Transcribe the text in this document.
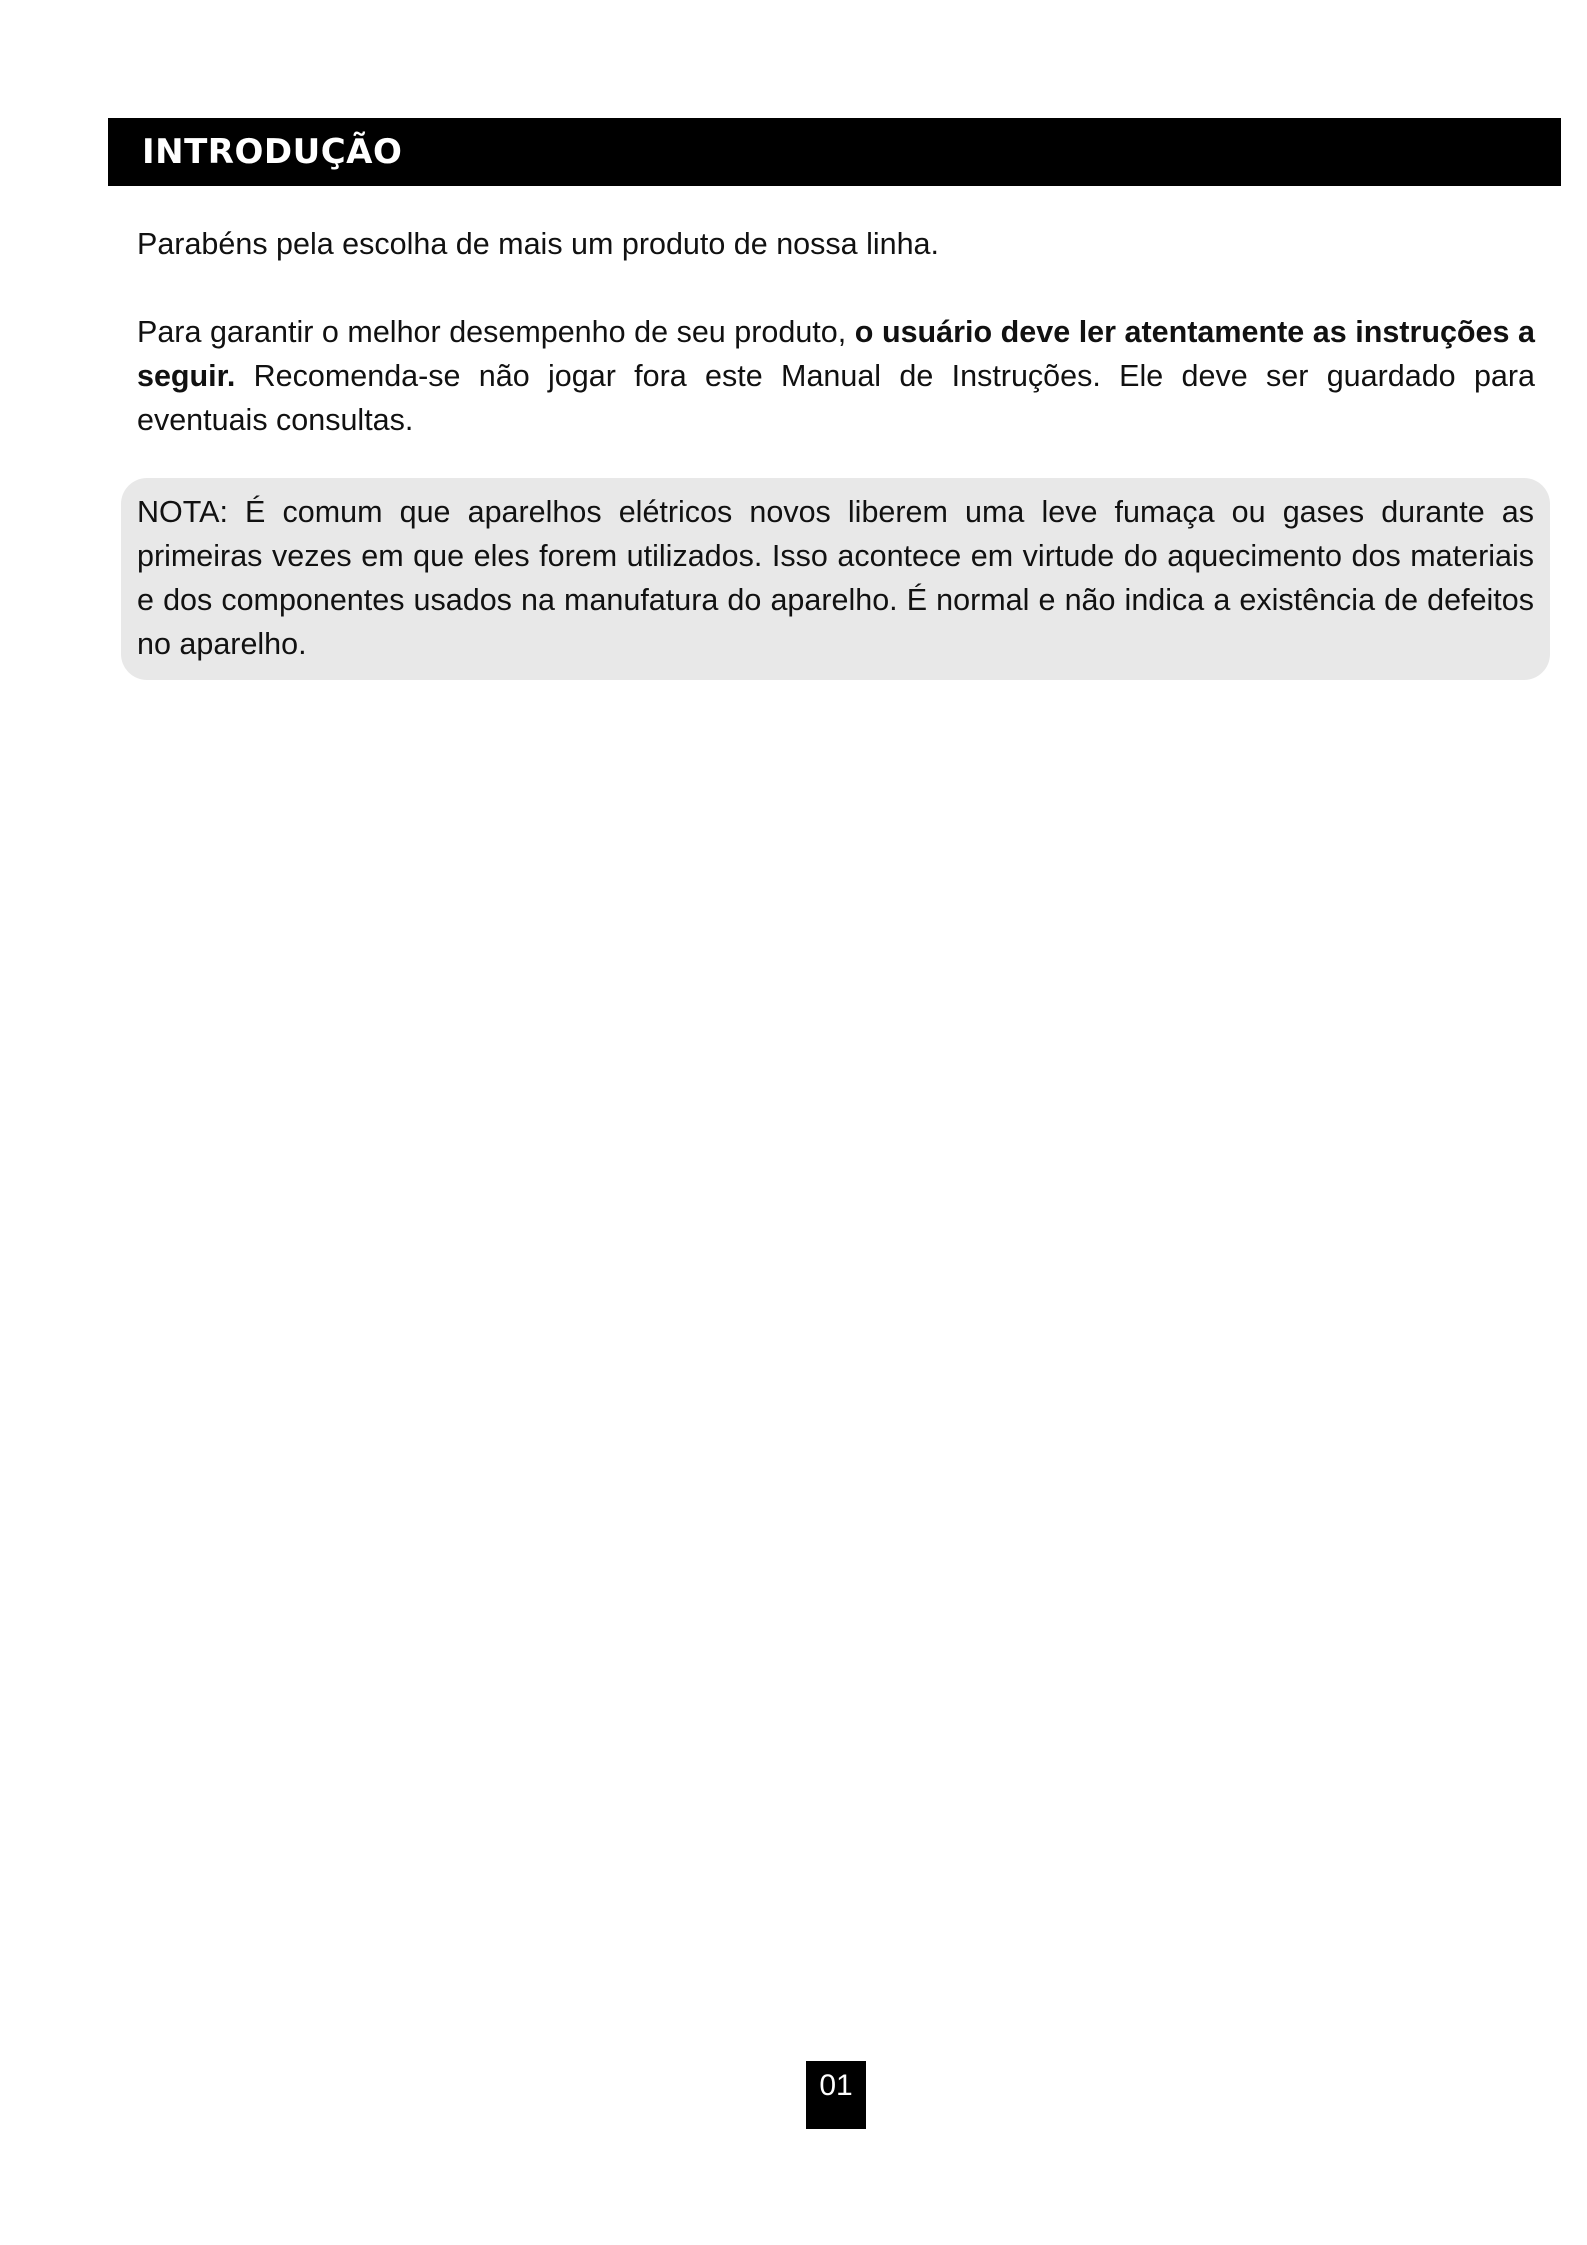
INTRODUÇÃO

Parabéns pela escolha de mais um produto de nossa linha.

Para garantir o melhor desempenho de seu produto, o usuário deve ler atentamente as instruções a seguir. Recomenda-se não jogar fora este Manual de Instruções. Ele deve ser guardado para eventuais consultas.

NOTA: É comum que aparelhos elétricos novos liberem uma leve fumaça ou gases durante as primeiras vezes em que eles forem utilizados. Isso acontece em virtude do aquecimento dos materiais e dos componentes usados na manufatura do aparelho. É normal e não indica a existência de defeitos no aparelho.

01
